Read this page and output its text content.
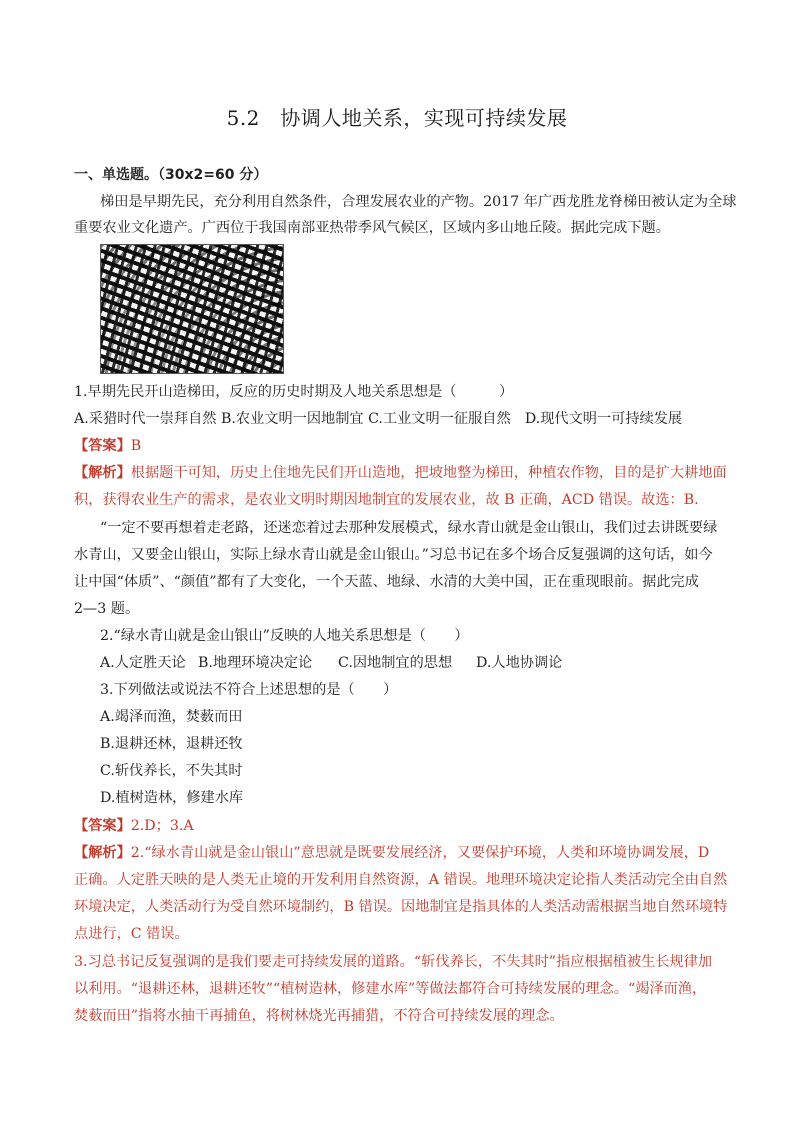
5.2　协调人地关系，实现可持续发展
一、单选题。（30x2=60 分）
梯田是早期先民，充分利用自然条件，合理发展农业的产物。2017 年广西龙胜龙脊梯田被认定为全球
重要农业文化遗产。广西位于我国南部亚热带季风气候区，区域内多山地丘陵。据此完成下题。
1.早期先民开山造梯田，反应的历史时期及人地关系思想是（　　　）
A.采猎时代一崇拜自然 B.农业文明一因地制宜 C.工业文明一征服自然　D.现代文明一可持续发展
【答案】B
【解析】根据题干可知，历史上住地先民们开山造地，把坡地整为梯田，种植农作物，目的是扩大耕地面
积，获得农业生产的需求，是农业文明时期因地制宜的发展农业，故 B 正确，ACD 错误。故选：B.
“一定不要再想着走老路，还迷恋着过去那种发展模式，绿水青山就是金山银山，我们过去讲既要绿
水青山，又要金山银山，实际上绿水青山就是金山银山。”习总书记在多个场合反复强调的这句话，如今
让中国“体质”、“颜值”都有了大变化，一个天蓝、地绿、水清的大美中国，正在重现眼前。据此完成
2—3 题。
2.“绿水青山就是金山银山”反映的人地关系思想是（　　）
A.人定胜天论 B.地理环境决定论 C.因地制宜的思想 D.人地协调论
3.下列做法或说法不符合上述思想的是（　　）
A.竭泽而渔，焚薮而田
B.退耕还林，退耕还牧
C.斩伐养长，不失其时
D.植树造林，修建水库
【答案】2.D；3.A
【解析】2.“绿水青山就是金山银山”意思就是既要发展经济，又要保护环境，人类和环境协调发展，D
正确。人定胜天映的是人类无止境的开发利用自然资源，A 错误。地理环境决定论指人类活动完全由自然
环境决定，人类活动行为受自然环境制约，B 错误。因地制宜是指具体的人类活动需根据当地自然环境特
点进行，C 错误。
3.习总书记反复强调的是我们要走可持续发展的道路。“斩伐养长，不失其时”指应根据植被生长规律加
以利用。“退耕还林，退耕还牧”“植树造林，修建水库”等做法都符合可持续发展的理念。“竭泽而渔，
焚薮而田”指将水抽干再捕鱼，将树林烧光再捕猎，不符合可持续发展的理念。
